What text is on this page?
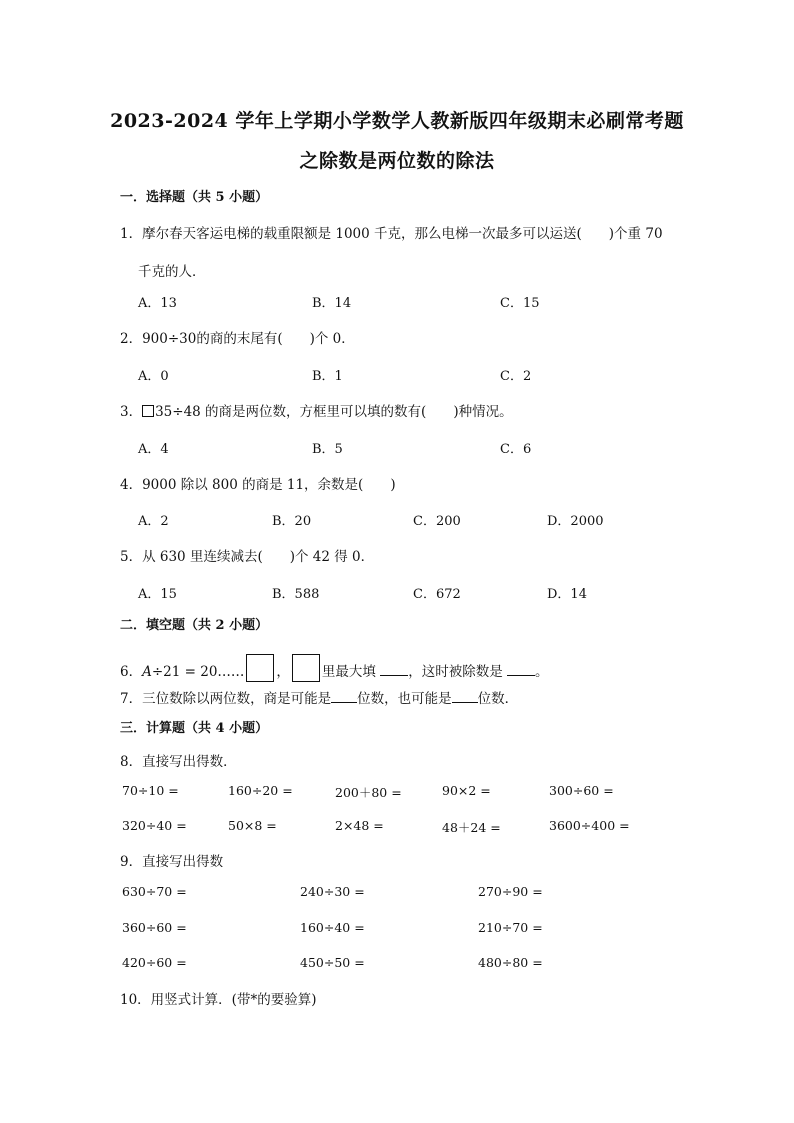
2023-2024 学年上学期小学数学人教新版四年级期末必刷常考题
之除数是两位数的除法
一．选择题（共 5 小题）
1．摩尔春天客运电梯的载重限额是 1000 千克，那么电梯一次最多可以运送(　　)个重 70
千克的人．
A．13	B．14	C．15
2．900÷30的商的末尾有(　　)个 0．
A．0	B．1	C．2
3． 35÷48 的商是两位数，方框里可以填的数有(　　)种情况。
A．4	B．5	C．6
4．9000 除以 800 的商是 11，余数是(　　)
A．2	B．20	C．200	D．2000
5．从 630 里连续减去(　　)个 42 得 0．
A．15	B．588	C．672	D．14
二．填空题（共 2 小题）
6．A÷21 = 20…… ， 里最大填 ，这时被除数是 。
7．三位数除以两位数，商是可能是 位数，也可能是 位数．
三．计算题（共 4 小题）
8．直接写出得数．
70÷10 =	160÷20 =	200＋80 =	90×2 =	300÷60 =
320÷40 =	50×8 =	2×48 =	48＋24 =	3600÷400 =
9．直接写出得数
630÷70 =	240÷30 =	270÷90 =
360÷60 =	160÷40 =	210÷70 =
420÷60 =	450÷50 =	480÷80 =
10．用竖式计算．(带*的要验算)
